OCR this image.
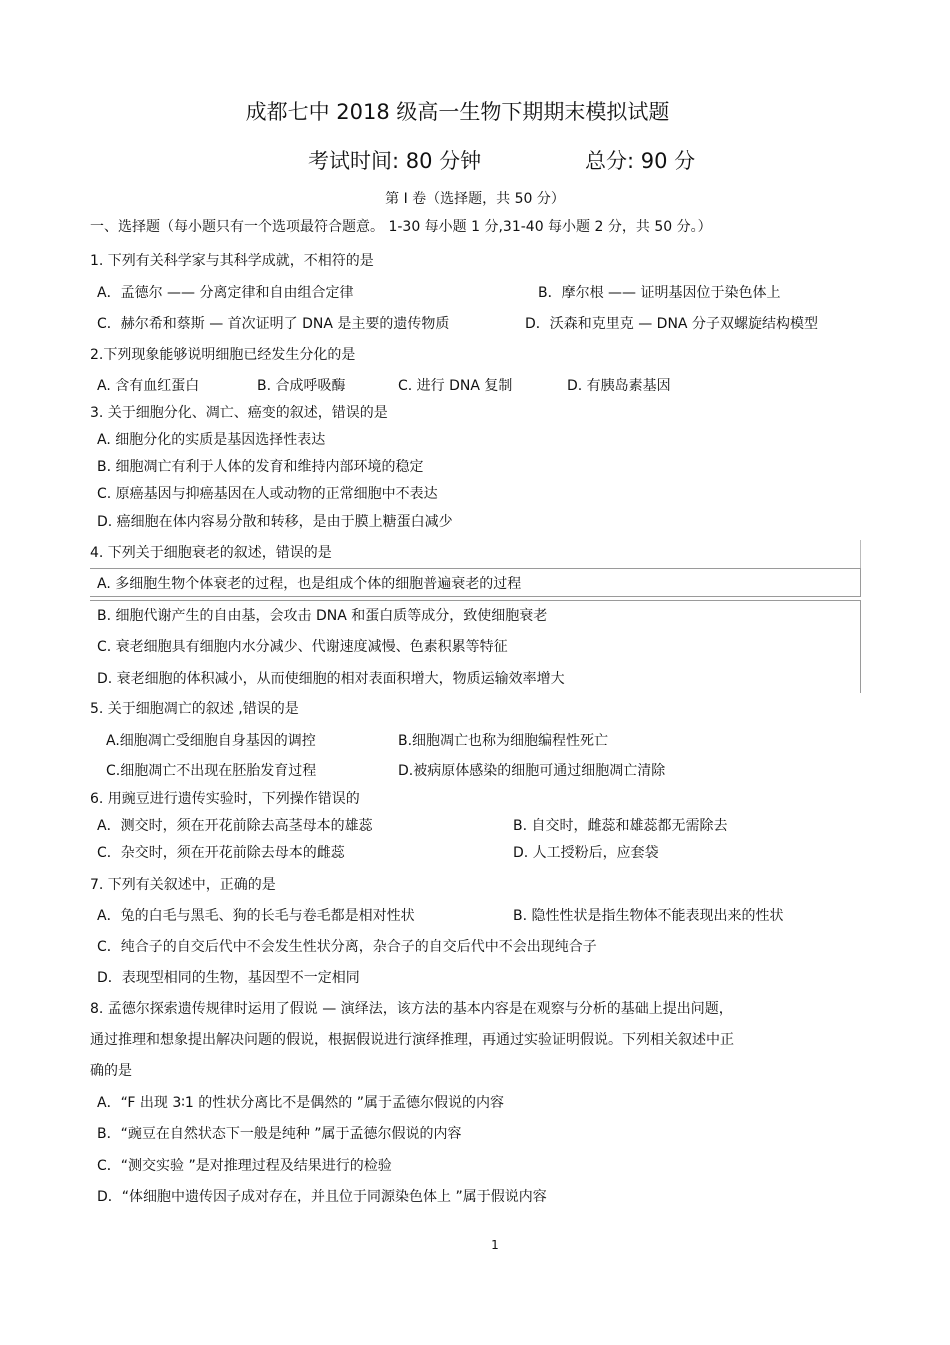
成都七中 2018 级高一生物下期期末模拟试题
考试时间: 80 分钟	总分: 90 分
第 I 卷（选择题，共 50 分）
一、选择题（每小题只有一个选项最符合题意。 1-30 每小题 1 分,31-40 每小题 2 分，共 50 分。）
1. 下列有关科学家与其科学成就，不相符的是
A．孟德尔 —— 分离定律和自由组合定律	B．摩尔根 —— 证明基因位于染色体上
C．赫尔希和蔡斯 — 首次证明了 DNA 是主要的遗传物质	D．沃森和克里克 — DNA 分子双螺旋结构模型
2.下列现象能够说明细胞已经发生分化的是
A. 含有血红蛋白	B. 合成呼吸酶	C. 进行 DNA 复制	D. 有胰岛素基因
3. 关于细胞分化、凋亡、癌变的叙述，错误的是
A. 细胞分化的实质是基因选择性表达
B. 细胞凋亡有利于人体的发育和维持内部环境的稳定
C. 原癌基因与抑癌基因在人或动物的正常细胞中不表达
D. 癌细胞在体内容易分散和转移，是由于膜上糖蛋白减少
4. 下列关于细胞衰老的叙述，错误的是
A. 多细胞生物个体衰老的过程，也是组成个体的细胞普遍衰老的过程
B. 细胞代谢产生的自由基，会攻击 DNA 和蛋白质等成分，致使细胞衰老
C. 衰老细胞具有细胞内水分减少、代谢速度减慢、色素积累等特征
D. 衰老细胞的体积减小，从而使细胞的相对表面积增大，物质运输效率增大
5. 关于细胞凋亡的叙述 ,错误的是
A.细胞凋亡受细胞自身基因的调控	B.细胞凋亡也称为细胞编程性死亡
C.细胞凋亡不出现在胚胎发育过程	D.被病原体感染的细胞可通过细胞凋亡清除
6. 用豌豆进行遗传实验时，下列操作错误的
A．测交时，须在开花前除去高茎母本的雄蕊	B. 自交时，雌蕊和雄蕊都无需除去
C．杂交时，须在开花前除去母本的雌蕊	D. 人工授粉后，应套袋
7. 下列有关叙述中，正确的是
A．兔的白毛与黑毛、狗的长毛与卷毛都是相对性状	B. 隐性性状是指生物体不能表现出来的性状
C．纯合子的自交后代中不会发生性状分离，杂合子的自交后代中不会出现纯合子
D．表现型相同的生物，基因型不一定相同
8. 孟德尔探索遗传规律时运用了假说 — 演绎法，该方法的基本内容是在观察与分析的基础上提出问题，
通过推理和想象提出解决问题的假说，根据假说进行演绎推理，再通过实验证明假说。下列相关叙述中正
确的是
A．“F 出现 3∶1 的性状分离比不是偶然的 ”属于孟德尔假说的内容
B．“豌豆在自然状态下一般是纯种 ”属于孟德尔假说的内容
C．“测交实验 ”是对推理过程及结果进行的检验
D．“体细胞中遗传因子成对存在，并且位于同源染色体上 ”属于假说内容
1
